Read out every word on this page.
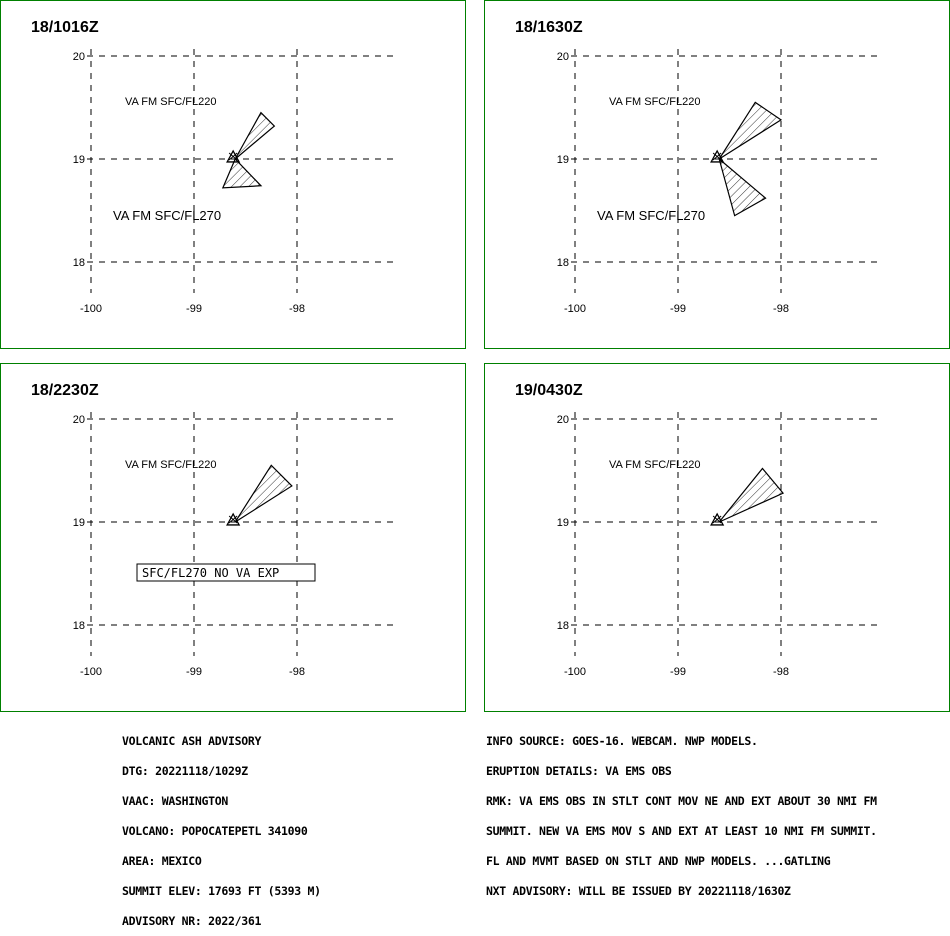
18/1016Z
20
19
18
-100	-99	-98
VA FM SFC/FL220
VA FM SFC/FL270
18/1630Z
20
19
18
-100	-99	-98
VA FM SFC/FL220
VA FM SFC/FL270
18/2230Z
20
19
18
-100	-99	-98
VA FM SFC/FL220
SFC/FL270 NO VA EXP
19/0430Z
20
19
18
-100	-99	-98
VA FM SFC/FL220

VOLCANIC ASH ADVISORY

DTG: 20221118/1029Z

VAAC: WASHINGTON

VOLCANO: POPOCATEPETL 341090

AREA: MEXICO

SUMMIT ELEV: 17693 FT (5393 M)

ADVISORY NR: 2022/361

INFO SOURCE: GOES-16. WEBCAM. NWP MODELS.

ERUPTION DETAILS: VA EMS OBS

RMK: VA EMS OBS IN STLT CONT MOV NE AND EXT ABOUT 30 NMI FM

SUMMIT. NEW VA EMS MOV S AND EXT AT LEAST 10 NMI FM SUMMIT.

FL AND MVMT BASED ON STLT AND NWP MODELS. ...GATLING

NXT ADVISORY: WILL BE ISSUED BY 20221118/1630Z
